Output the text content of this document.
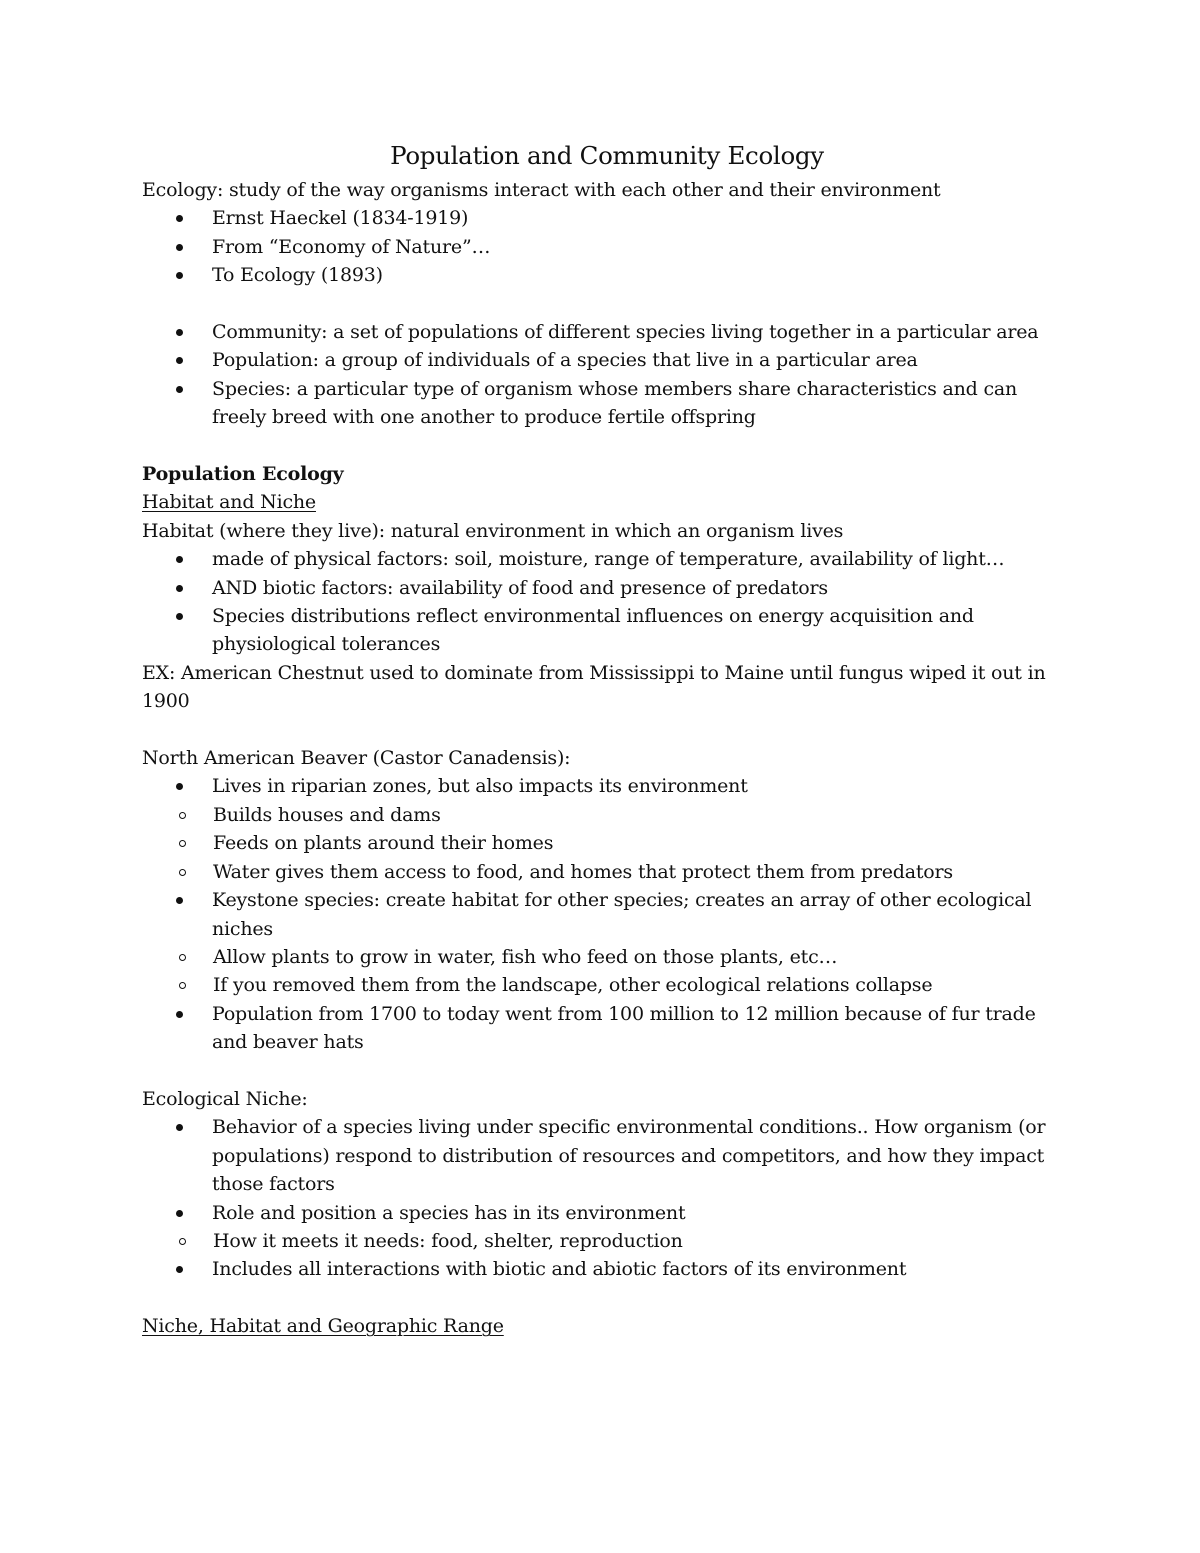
Population and Community Ecology

Ecology: study of the way organisms interact with each other and their environment

Ernst Haeckel (1834-1919)
From “Economy of Nature”…
To Ecology (1893)
Community: a set of populations of different species living together in a particular area
Population: a group of individuals of a species that live in a particular area
Species: a particular type of organism whose members share characteristics and can freely breed with one another to produce fertile offspring

Population Ecology

Habitat and Niche

Habitat (where they live): natural environment in which an organism lives

made of physical factors: soil, moisture, range of temperature, availability of light…
AND biotic factors: availability of food and presence of predators
Species distributions reflect environmental influences on energy acquisition and physiological tolerances

EX: American Chestnut used to dominate from Mississippi to Maine until fungus wiped it out in 1900

North American Beaver (Castor Canadensis):

Lives in riparian zones, but also impacts its environment
Builds houses and dams
Feeds on plants around their homes
Water gives them access to food, and homes that protect them from predators
Keystone species: create habitat for other species; creates an array of other ecological niches
Allow plants to grow in water, fish who feed on those plants, etc…
If you removed them from the landscape, other ecological relations collapse
Population from 1700 to today went from 100 million to 12 million because of fur trade and beaver hats

Ecological Niche:

Behavior of a species living under specific environmental conditions.. How organism (or populations) respond to distribution of resources and competitors, and how they impact those factors
Role and position a species has in its environment
How it meets it needs: food, shelter, reproduction
Includes all interactions with biotic and abiotic factors of its environment

Niche, Habitat and Geographic Range
